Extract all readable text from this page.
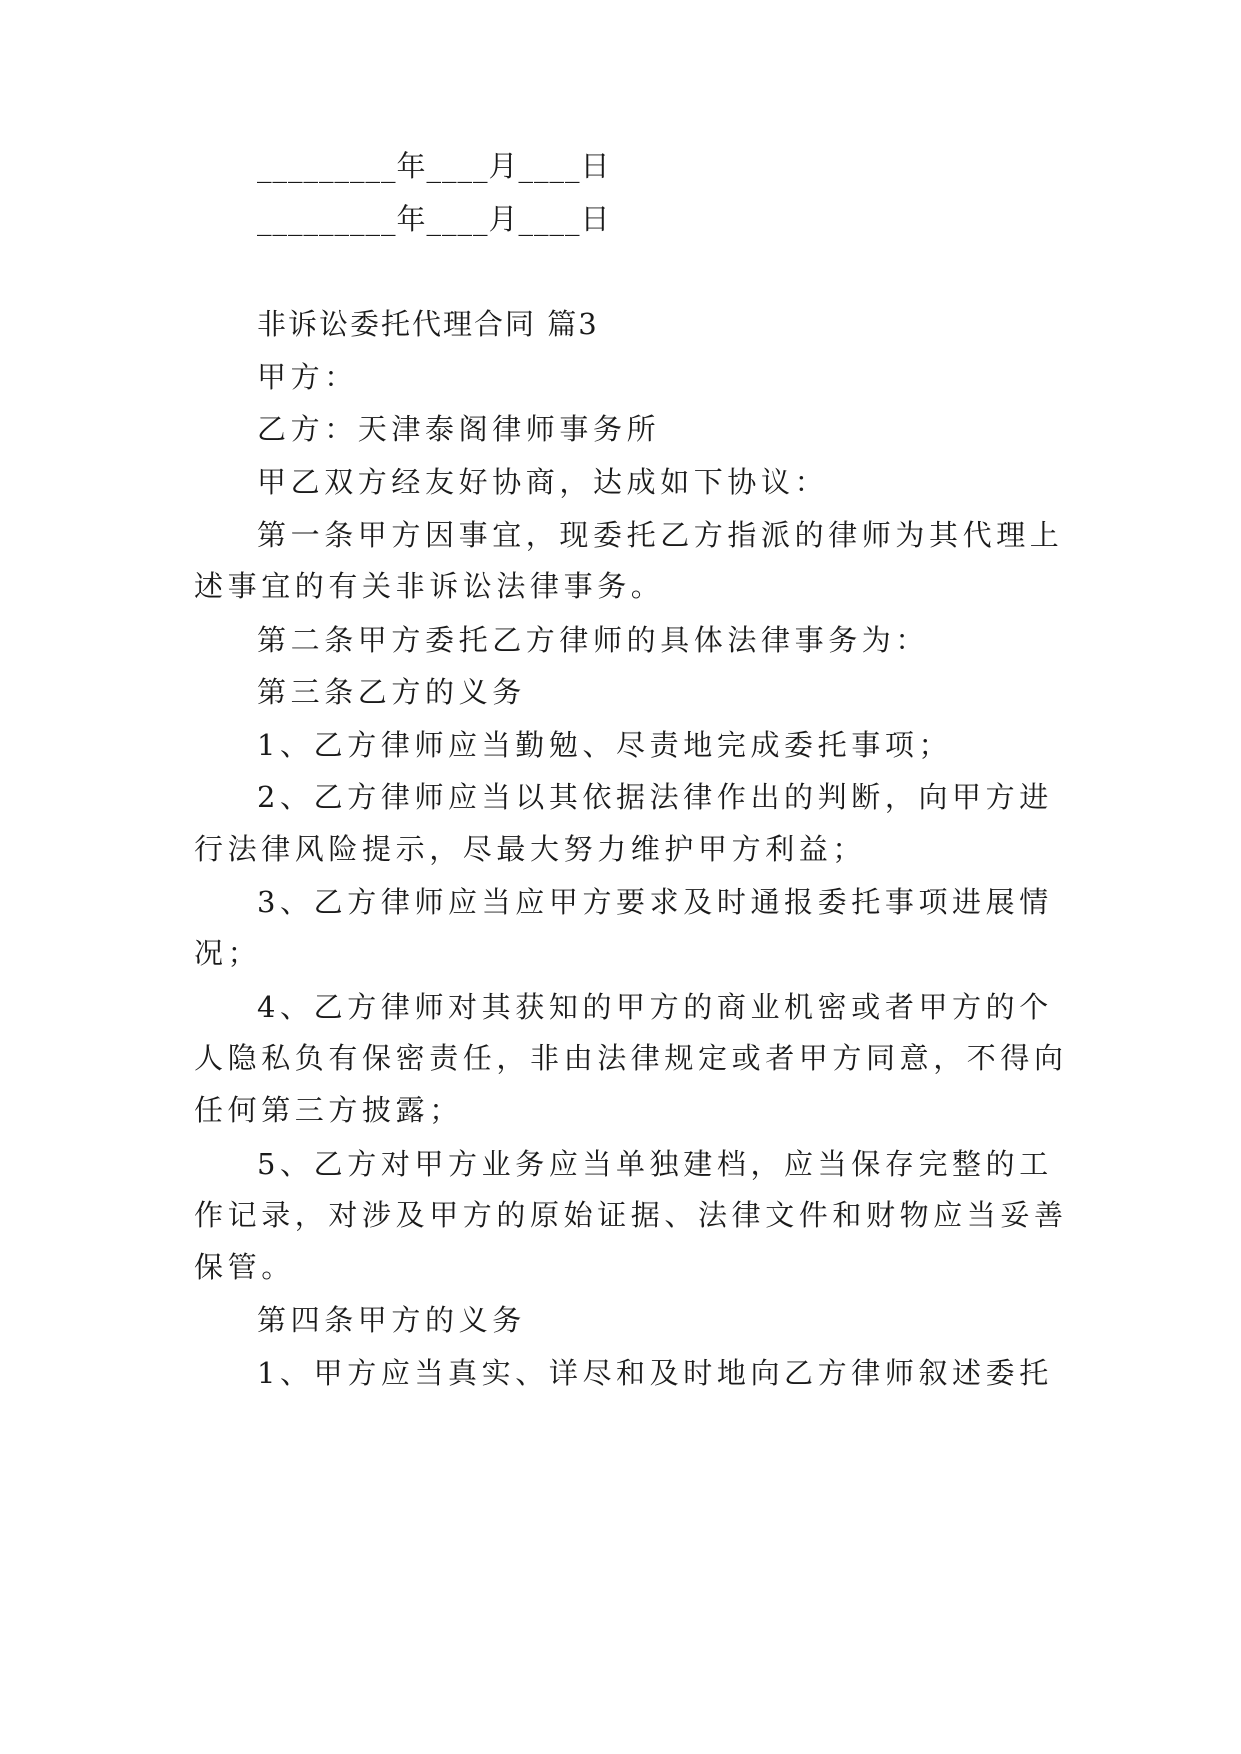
_________年____月____日

_________年____月____日

非诉讼委托代理合同 篇3

甲方：

乙方：天津泰阁律师事务所

甲乙双方经友好协商，达成如下协议：

第一条甲方因事宜，现委托乙方指派的律师为其代理上

述事宜的有关非诉讼法律事务。

第二条甲方委托乙方律师的具体法律事务为：

第三条乙方的义务

1、乙方律师应当勤勉、尽责地完成委托事项；

2、乙方律师应当以其依据法律作出的判断，向甲方进

行法律风险提示，尽最大努力维护甲方利益；

3、乙方律师应当应甲方要求及时通报委托事项进展情

况；

4、乙方律师对其获知的甲方的商业机密或者甲方的个

人隐私负有保密责任，非由法律规定或者甲方同意，不得向

任何第三方披露；

5、乙方对甲方业务应当单独建档，应当保存完整的工

作记录，对涉及甲方的原始证据、法律文件和财物应当妥善

保管。

第四条甲方的义务

1、甲方应当真实、详尽和及时地向乙方律师叙述委托
